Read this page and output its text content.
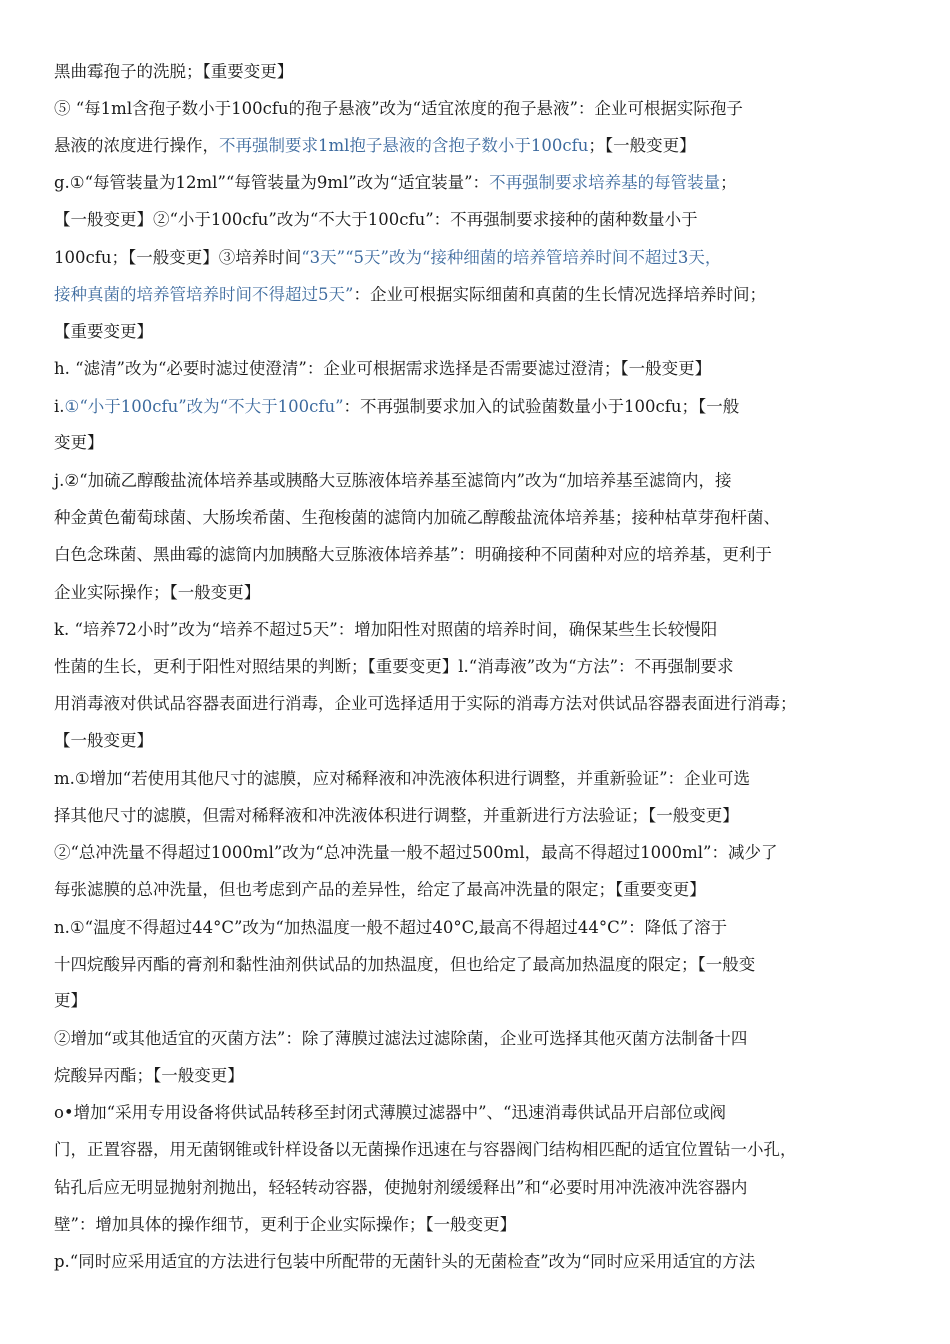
黑曲霉孢子的洗脱；【重要变更】
⑤ “每1ml含孢子数小于100cfu的孢子悬液”改为“适宜浓度的孢子悬液”：企业可根据实际孢子
悬液的浓度进行操作，不再强制要求1ml抱子悬液的含抱子数小于100cfu；【一般变更】
g.①“每管装量为12ml”“每管装量为9ml”改为“适宜装量”：不再强制要求培养基的每管装量；
【一般变更】②“小于100cfu”改为“不大于100cfu”：不再强制要求接种的菌种数量小于
100cfu；【一般变更】③培养时间“3天”“5天”改为“接种细菌的培养管培养时间不超过3天，
接种真菌的培养管培养时间不得超过5天”：企业可根据实际细菌和真菌的生长情况选择培养时间；
【重要变更】
h. “滤清”改为“必要时滤过使澄清”：企业可根据需求选择是否需要滤过澄清；【一般变更】
i.①“小于100cfu”改为“不大于100cfu”：不再强制要求加入的试验菌数量小于100cfu；【一般
变更】
j.②“加硫乙醇酸盐流体培养基或胰酪大豆胨液体培养基至滤筒内”改为“加培养基至滤筒内，接
种金黄色葡萄球菌、大肠埃希菌、生孢梭菌的滤筒内加硫乙醇酸盐流体培养基；接种枯草芽孢杆菌、
白色念珠菌、黑曲霉的滤筒内加胰酪大豆胨液体培养基”：明确接种不同菌种对应的培养基，更利于
企业实际操作；【一般变更】
k. “培养72小时”改为“培养不超过5天”：增加阳性对照菌的培养时间，确保某些生长较慢阳
性菌的生长，更利于阳性对照结果的判断；【重要变更】l.“消毒液”改为“方法”：不再强制要求
用消毒液对供试品容器表面进行消毒，企业可选择适用于实际的消毒方法对供试品容器表面进行消毒；
【一般变更】
m.①增加“若使用其他尺寸的滤膜，应对稀释液和冲洗液体积进行调整，并重新验证”：企业可选
择其他尺寸的滤膜，但需对稀释液和冲洗液体积进行调整，并重新进行方法验证；【一般变更】
②“总冲洗量不得超过1000ml”改为“总冲洗量一般不超过500ml，最高不得超过1000ml”：减少了
每张滤膜的总冲洗量，但也考虑到产品的差异性，给定了最高冲洗量的限定；【重要变更】
n.①“温度不得超过44°C”改为“加热温度一般不超过40°C,最高不得超过44°C”：降低了溶于
十四烷酸异丙酯的膏剂和黏性油剂供试品的加热温度，但也给定了最高加热温度的限定；【一般变
更】
②增加“或其他适宜的灭菌方法”：除了薄膜过滤法过滤除菌，企业可选择其他灭菌方法制备十四
烷酸异丙酯；【一般变更】
o•增加“采用专用设备将供试品转移至封闭式薄膜过滤器中”、“迅速消毒供试品开启部位或阀
门，正置容器，用无菌钢锥或针样设备以无菌操作迅速在与容器阀门结构相匹配的适宜位置钻一小孔，
钻孔后应无明显抛射剂抛出，轻轻转动容器，使抛射剂缓缓释出”和“必要时用冲洗液冲洗容器内
壁”：增加具体的操作细节，更利于企业实际操作；【一般变更】
p.“同时应采用适宜的方法进行包装中所配带的无菌针头的无菌检查”改为“同时应采用适宜的方法
